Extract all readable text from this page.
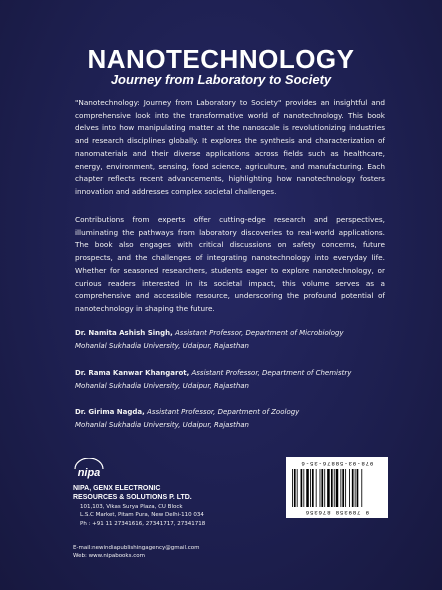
NANOTECHNOLOGY
Journey from Laboratory to Society

"Nanotechnology: Journey from Laboratory to Society" provides an insightful and comprehensive look into the transformative world of nanotechnology. This book delves into how manipulating matter at the nanoscale is revolutionizing industries and research disciplines globally. It explores the synthesis and characterization of nanomaterials and their diverse applications across fields such as healthcare, energy, environment, sensing, food science, agriculture, and manufacturing. Each chapter reflects recent advancements, highlighting how nanotechnology fosters innovation and addresses complex societal challenges.

Contributions from experts offer cutting-edge research and perspectives, illuminating the pathways from laboratory discoveries to real-world applications. The book also engages with critical discussions on safety concerns, future prospects, and the challenges of integrating nanotechnology into everyday life. Whether for seasoned researchers, students eager to explore nanotechnology, or curious readers interested in its societal impact, this volume serves as a comprehensive and accessible resource, underscoring the profound potential of nanotechnology in shaping the future.

Dr. Namita Ashish Singh, Assistant Professor, Department of Microbiology
Mohanlal Sukhadia University, Udaipur, Rajasthan
Dr. Rama Kanwar Khangarot, Assistant Professor, Department of Chemistry
Mohanlal Sukhadia University, Udaipur, Rajasthan
Dr. Girima Nagda, Assistant Professor, Department of Zoology
Mohanlal Sukhadia University, Udaipur, Rajasthan
nipa
NIPA, GENX ELECTRONIC
RESOURCES & SOLUTIONS P. LTD.
101,103, Vikas Surya Plaza, CU Block
L.S.C Market, Pitam Pura, New Delhi-110 034
Ph : +91 11 27341616, 27341717, 27341718
E-mail:newindiapublishingagency@gmail.com
Web: www.nipabooks.com
978-93-58876-35-6
9 789358 876356
